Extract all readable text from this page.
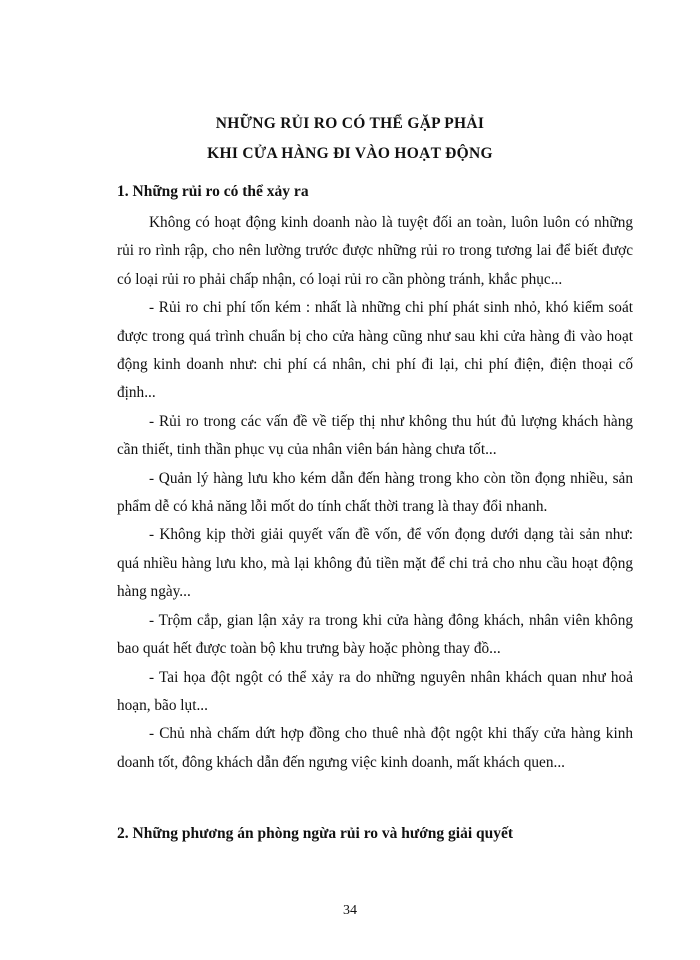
NHỮNG RỦI RO CÓ THỂ GẶP PHẢI
KHI CỬA HÀNG ĐI VÀO HOẠT ĐỘNG
1. Những rủi ro có thể xảy ra

Không có hoạt động kinh doanh nào là tuyệt đối an toàn, luôn luôn có những rủi ro rình rập, cho nên lường trước được những rủi ro trong tương lai để biết được có loại rủi ro phải chấp nhận, có loại rủi ro cần phòng tránh, khắc phục...

- Rủi ro chi phí tốn kém : nhất là những chi phí phát sinh nhỏ, khó kiểm soát được trong quá trình chuẩn bị cho cửa hàng cũng như sau khi cửa hàng đi vào hoạt động kinh doanh như: chi phí cá nhân, chi phí đi lại, chi phí điện, điện thoại cố định...

- Rủi ro trong các vấn đề về tiếp thị như không thu hút đủ lượng khách hàng cần thiết, tinh thần phục vụ của nhân viên bán hàng chưa tốt...

- Quản lý hàng lưu kho kém dẫn đến hàng trong kho còn tồn đọng nhiều, sản phẩm dễ có khả năng lỗi mốt do tính chất thời trang là thay đổi nhanh.

- Không kịp thời giải quyết vấn đề vốn, để vốn đọng dưới dạng tài sản như: quá nhiều hàng lưu kho, mà lại không đủ tiền mặt để chi trả cho nhu cầu hoạt động hàng ngày...

- Trộm cắp, gian lận xảy ra trong khi cửa hàng đông khách, nhân viên không bao quát hết được toàn bộ khu trưng bày hoặc phòng thay đồ...

- Tai họa đột ngột có thể xảy ra do những nguyên nhân khách quan như hoả hoạn, bão lụt...

- Chủ nhà chấm dứt hợp đồng cho thuê nhà đột ngột khi thấy cửa hàng kinh doanh tốt, đông khách dẫn đến ngưng việc kinh doanh, mất khách quen...

2. Những phương án phòng ngừa rủi ro và hướng giải quyết
34
